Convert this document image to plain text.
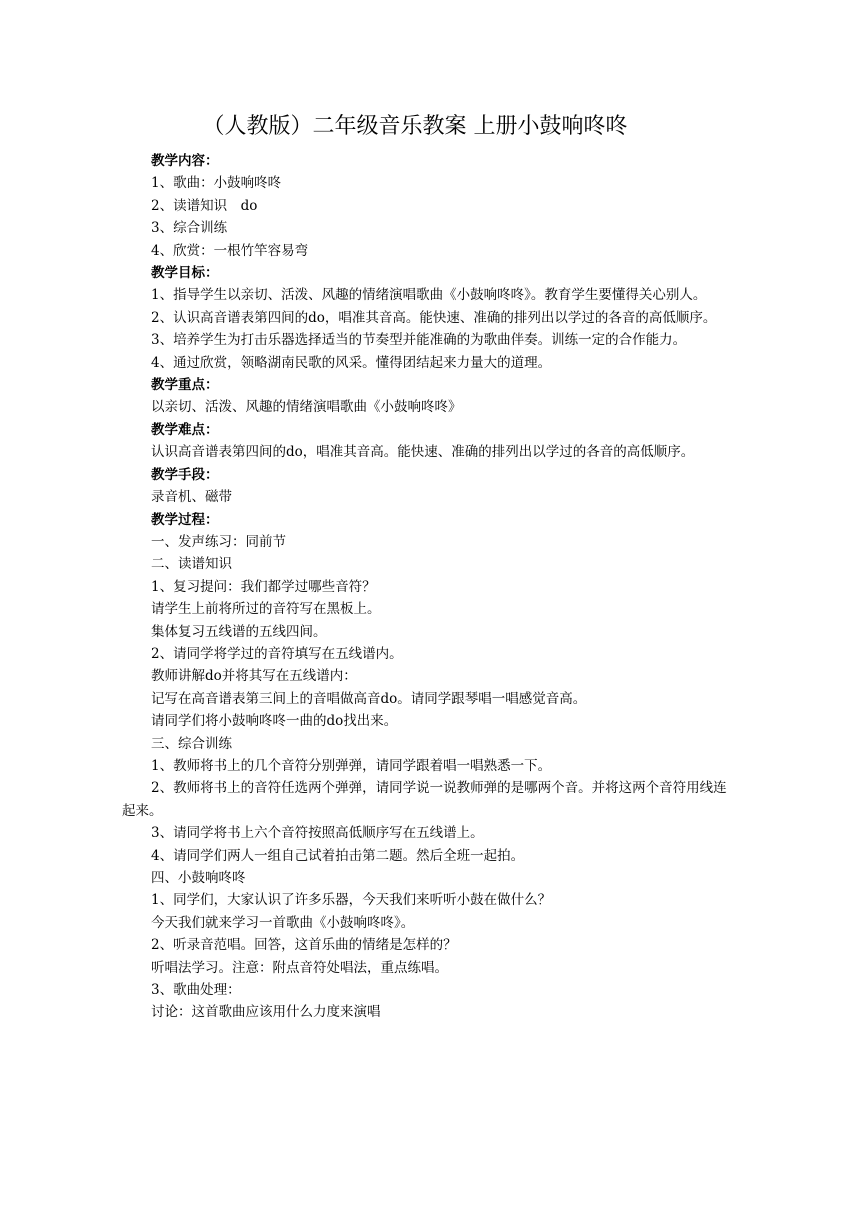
（人教版）二年级音乐教案 上册小鼓响咚咚
教学内容：
1、歌曲：小鼓响咚咚
2、读谱知识　do
3、综合训练
4、欣赏：一根竹竿容易弯
教学目标：
1、指导学生以亲切、活泼、风趣的情绪演唱歌曲《小鼓响咚咚》。教育学生要懂得关心别人。
2、认识高音谱表第四间的do，唱准其音高。能快速、准确的排列出以学过的各音的高低顺序。
3、培养学生为打击乐器选择适当的节奏型并能准确的为歌曲伴奏。训练一定的合作能力。
4、通过欣赏，领略湖南民歌的风采。懂得团结起来力量大的道理。
教学重点：
以亲切、活泼、风趣的情绪演唱歌曲《小鼓响咚咚》
教学难点：
认识高音谱表第四间的do，唱准其音高。能快速、准确的排列出以学过的各音的高低顺序。
教学手段：
录音机、磁带
教学过程：
一、发声练习：同前节
二、读谱知识
1、复习提问：我们都学过哪些音符？
请学生上前将所过的音符写在黑板上。
集体复习五线谱的五线四间。
2、请同学将学过的音符填写在五线谱内。
教师讲解do并将其写在五线谱内：
记写在高音谱表第三间上的音唱做高音do。请同学跟琴唱一唱感觉音高。
请同学们将小鼓响咚咚一曲的do找出来。
三、综合训练
1、教师将书上的几个音符分别弹弹，请同学跟着唱一唱熟悉一下。
2、教师将书上的音符任选两个弹弹，请同学说一说教师弹的是哪两个音。并将这两个音符用线连起来。
3、请同学将书上六个音符按照高低顺序写在五线谱上。
4、请同学们两人一组自己试着拍击第二题。然后全班一起拍。
四、小鼓响咚咚
1、同学们，大家认识了许多乐器，今天我们来听听小鼓在做什么？
今天我们就来学习一首歌曲《小鼓响咚咚》。
2、听录音范唱。回答，这首乐曲的情绪是怎样的？
听唱法学习。注意：附点音符处唱法，重点练唱。
3、歌曲处理：
讨论：这首歌曲应该用什么力度来演唱
